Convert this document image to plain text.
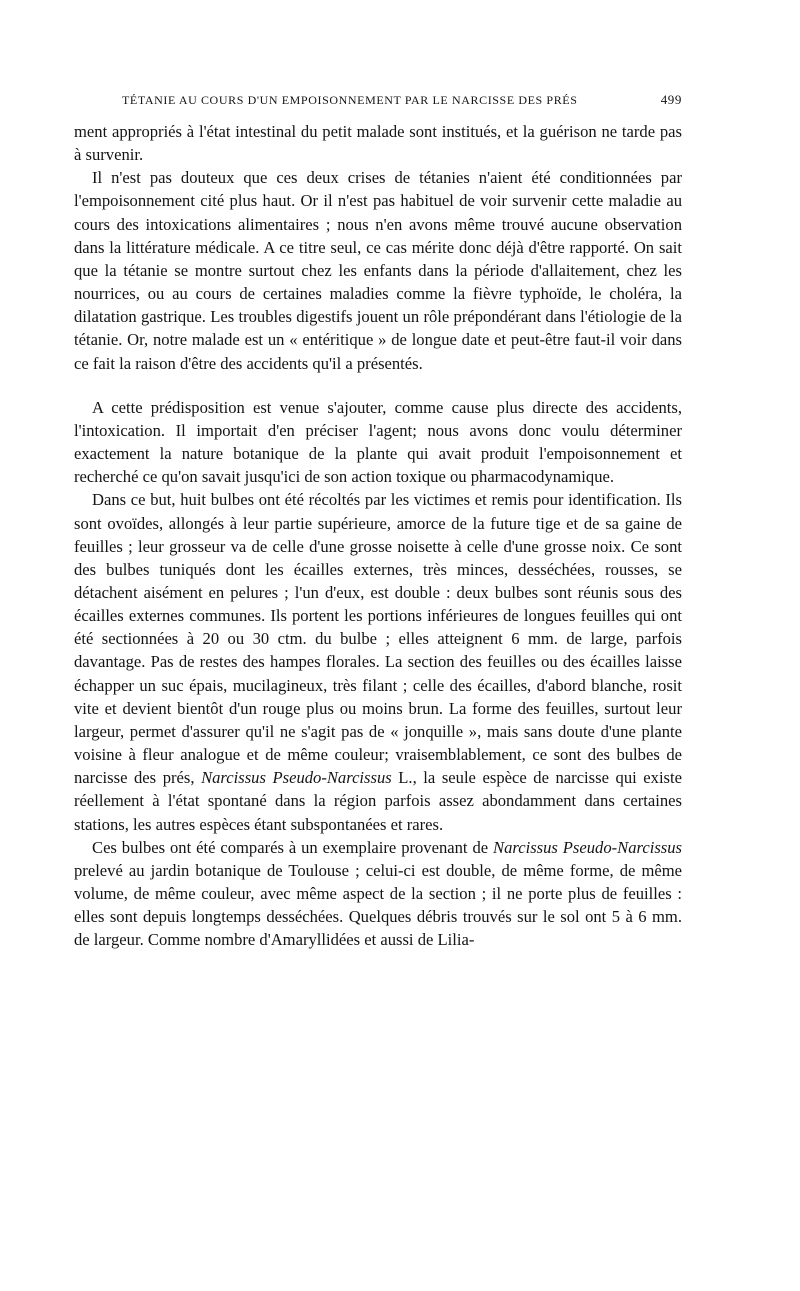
TÉTANIE AU COURS D'UN EMPOISONNEMENT PAR LE NARCISSE DES PRÉS	499

ment appropriés à l'état intestinal du petit malade sont institués, et la guérison ne tarde pas à survenir.

Il n'est pas douteux que ces deux crises de tétanies n'aient été conditionnées par l'empoisonnement cité plus haut. Or il n'est pas habituel de voir survenir cette maladie au cours des intoxications alimentaires ; nous n'en avons même trouvé aucune observation dans la littérature médicale. A ce titre seul, ce cas mérite donc déjà d'être rapporté. On sait que la tétanie se montre surtout chez les enfants dans la période d'allaitement, chez les nourrices, ou au cours de certaines maladies comme la fièvre typhoïde, le choléra, la dilatation gastrique. Les troubles digestifs jouent un rôle prépondérant dans l'étiologie de la tétanie. Or, notre malade est un « entéritique » de longue date et peut-être faut-il voir dans ce fait la raison d'être des accidents qu'il a présentés.

A cette prédisposition est venue s'ajouter, comme cause plus directe des accidents, l'intoxication. Il importait d'en préciser l'agent; nous avons donc voulu déterminer exactement la nature botanique de la plante qui avait produit l'empoisonnement et recherché ce qu'on savait jusqu'ici de son action toxique ou pharmacodynamique.

Dans ce but, huit bulbes ont été récoltés par les victimes et remis pour identification. Ils sont ovoïdes, allongés à leur partie supérieure, amorce de la future tige et de sa gaine de feuilles ; leur grosseur va de celle d'une grosse noisette à celle d'une grosse noix. Ce sont des bulbes tuniqués dont les écailles externes, très minces, desséchées, rousses, se détachent aisément en pelures ; l'un d'eux, est double : deux bulbes sont réunis sous des écailles externes communes. Ils portent les portions inférieures de longues feuilles qui ont été sectionnées à 20 ou 30 ctm. du bulbe ; elles atteignent 6 mm. de large, parfois davantage. Pas de restes des hampes florales. La section des feuilles ou des écailles laisse échapper un suc épais, mucilagineux, très filant ; celle des écailles, d'abord blanche, rosit vite et devient bientôt d'un rouge plus ou moins brun. La forme des feuilles, surtout leur largeur, permet d'assurer qu'il ne s'agit pas de « jonquille », mais sans doute d'une plante voisine à fleur analogue et de même couleur; vraisemblablement, ce sont des bulbes de narcisse des prés, Narcissus Pseudo-Narcissus L., la seule espèce de narcisse qui existe réellement à l'état spontané dans la région parfois assez abondamment dans certaines stations, les autres espèces étant subspontanées et rares.

Ces bulbes ont été comparés à un exemplaire provenant de Narcissus Pseudo-Narcissus prelevé au jardin botanique de Toulouse ; celui-ci est double, de même forme, de même volume, de même couleur, avec même aspect de la section ; il ne porte plus de feuilles : elles sont depuis longtemps desséchées. Quelques débris trouvés sur le sol ont 5 à 6 mm. de largeur. Comme nombre d'Amaryllidées et aussi de Lilia-
